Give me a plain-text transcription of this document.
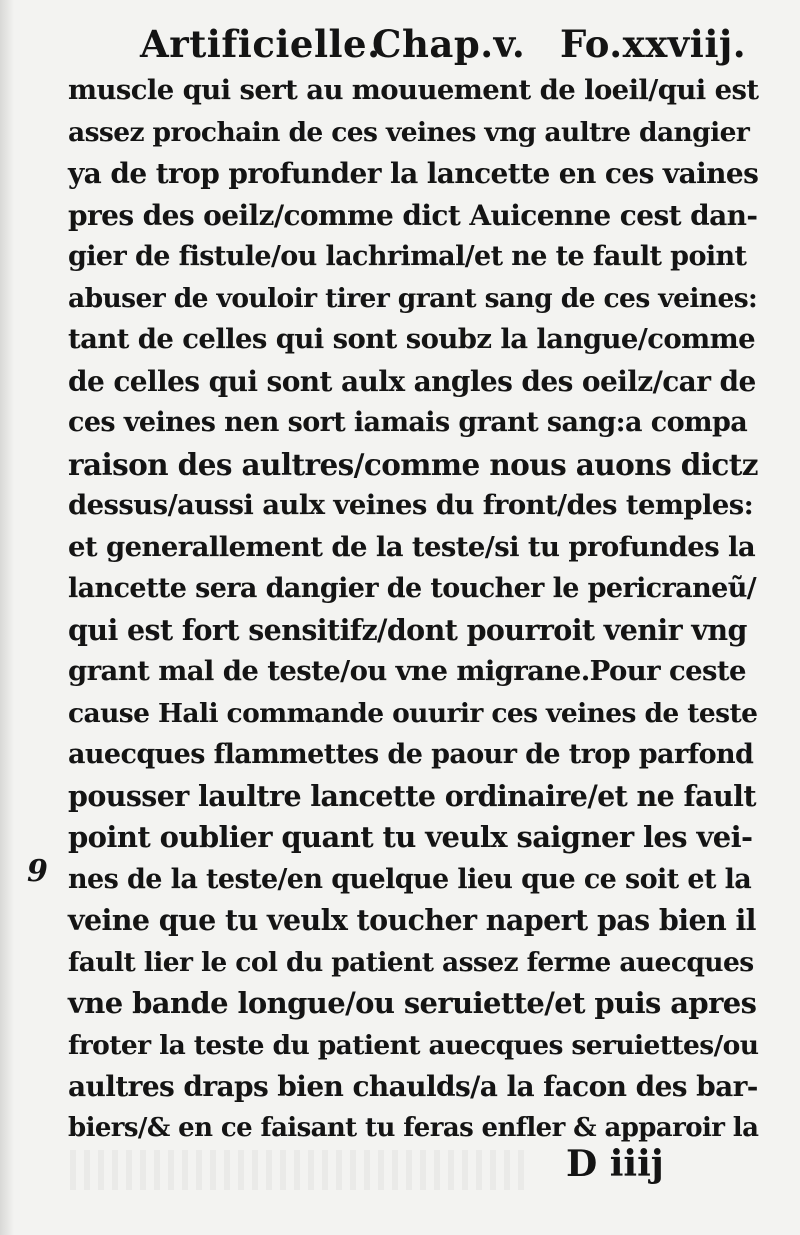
Artificielle.
Chap.v. Fo.xxviij.
9
muscle qui sert au mouuement de loeil/qui est
assez prochain de ces veines vng aultre dangier
ya de trop profunder la lancette en ces vaines
pres des oeilz/comme dict Auicenne cest dan-
gier de fistule/ou lachrimal/et ne te fault point
abuser de vouloir tirer grant sang de ces veines:
tant de celles qui sont soubz la langue/comme
de celles qui sont aulx angles des oeilz/car de
ces veines nen sort iamais grant sang:a compa
raison des aultres/comme nous auons dictz
dessus/aussi aulx veines du front/des temples:
et generallement de la teste/si tu profundes la
lancette sera dangier de toucher le pericraneũ/
qui est fort sensitifz/dont pourroit venir vng
grant mal de teste/ou vne migrane.Pour ceste
cause Hali commande ouurir ces veines de teste
auecques flammettes de paour de trop parfond
pousser laultre lancette ordinaire/et ne fault
point oublier quant tu veulx saigner les vei-
nes de la teste/en quelque lieu que ce soit et la
veine que tu veulx toucher napert pas bien il
fault lier le col du patient assez ferme auecques
vne bande longue/ou seruiette/et puis apres
froter la teste du patient auecques seruiettes/ou
aultres draps bien chaulds/a la facon des bar-
biers/& en ce faisant tu feras enfler & apparoir la
D iiij
